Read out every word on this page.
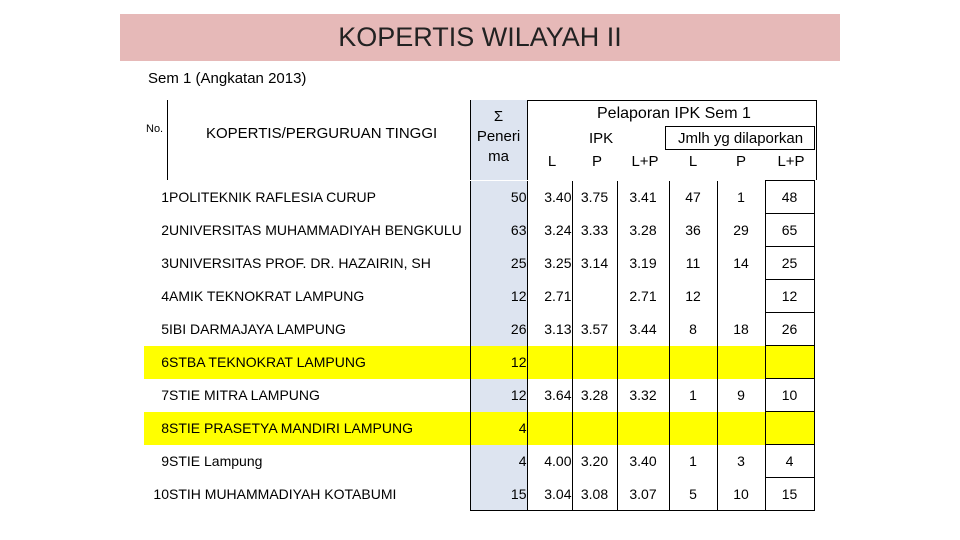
KOPERTIS WILAYAH II
Sem 1 (Angkatan 2013)
No.	KOPERTIS/PERGURUAN TINGGI
Σ
Peneri
ma
Pelaporan IPK Sem 1
IPK	Jmlh yg dilaporkan
L	P	L+P	L	P	L+P
1	POLITEKNIK RAFLESIA CURUP	50	3.40	3.75	3.41	47	1	48
2	UNIVERSITAS MUHAMMADIYAH BENGKULU	63	3.24	3.33	3.28	36	29	65
3	UNIVERSITAS PROF. DR. HAZAIRIN, SH	25	3.25	3.14	3.19	11	14	25
4	AMIK TEKNOKRAT LAMPUNG	12	2.71		2.71	12		12
5	IBI DARMAJAYA LAMPUNG	26	3.13	3.57	3.44	8	18	26
6	STBA TEKNOKRAT LAMPUNG	12						
7	STIE MITRA LAMPUNG	12	3.64	3.28	3.32	1	9	10
8	STIE PRASETYA MANDIRI LAMPUNG	4						
9	STIE Lampung	4	4.00	3.20	3.40	1	3	4
10	STIH MUHAMMADIYAH KOTABUMI	15	3.04	3.08	3.07	5	10	15
